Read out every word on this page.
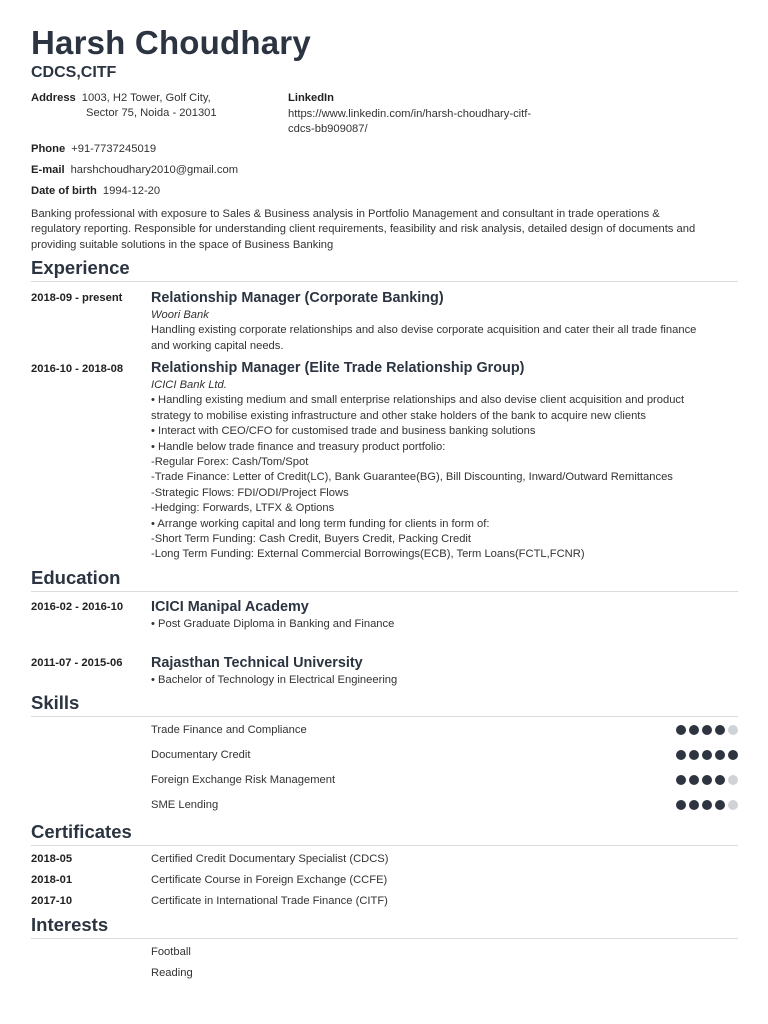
Harsh Choudhary
CDCS,CITF
Address 1003, H2 Tower, Golf City,
Sector 75, Noida - 201301
LinkedIn
https://www.linkedin.com/in/harsh-choudhary-citf-
cdcs-bb909087/
Phone +91-7737245019
E-mail harshchoudhary2010@gmail.com
Date of birth 1994-12-20
Banking professional with exposure to Sales & Business analysis in Portfolio Management and consultant in trade operations &
regulatory reporting. Responsible for understanding client requirements, feasibility and risk analysis, detailed design of documents and
providing suitable solutions in the space of Business Banking
Experience
2018-09 - present Relationship Manager (Corporate Banking)
Woori Bank
Handling existing corporate relationships and also devise corporate acquisition and cater their all trade finance
and working capital needs.
2016-10 - 2018-08 Relationship Manager (Elite Trade Relationship Group)
ICICI Bank Ltd.
• Handling existing medium and small enterprise relationships and also devise client acquisition and product
strategy to mobilise existing infrastructure and other stake holders of the bank to acquire new clients
• Interact with CEO/CFO for customised trade and business banking solutions
• Handle below trade finance and treasury product portfolio:
-Regular Forex: Cash/Tom/Spot
-Trade Finance: Letter of Credit(LC), Bank Guarantee(BG), Bill Discounting, Inward/Outward Remittances
-Strategic Flows: FDI/ODI/Project Flows
-Hedging: Forwards, LTFX & Options
• Arrange working capital and long term funding for clients in form of:
-Short Term Funding: Cash Credit, Buyers Credit, Packing Credit
-Long Term Funding: External Commercial Borrowings(ECB), Term Loans(FCTL,FCNR)
Education
2016-02 - 2016-10 ICICI Manipal Academy
• Post Graduate Diploma in Banking and Finance
2011-07 - 2015-06 Rajasthan Technical University
• Bachelor of Technology in Electrical Engineering
Skills
Trade Finance and Compliance
Documentary Credit
Foreign Exchange Risk Management
SME Lending
Certificates
2018-05	Certified Credit Documentary Specialist (CDCS)
2018-01	Certificate Course in Foreign Exchange (CCFE)
2017-10	Certificate in International Trade Finance (CITF)
Interests
Football
Reading
